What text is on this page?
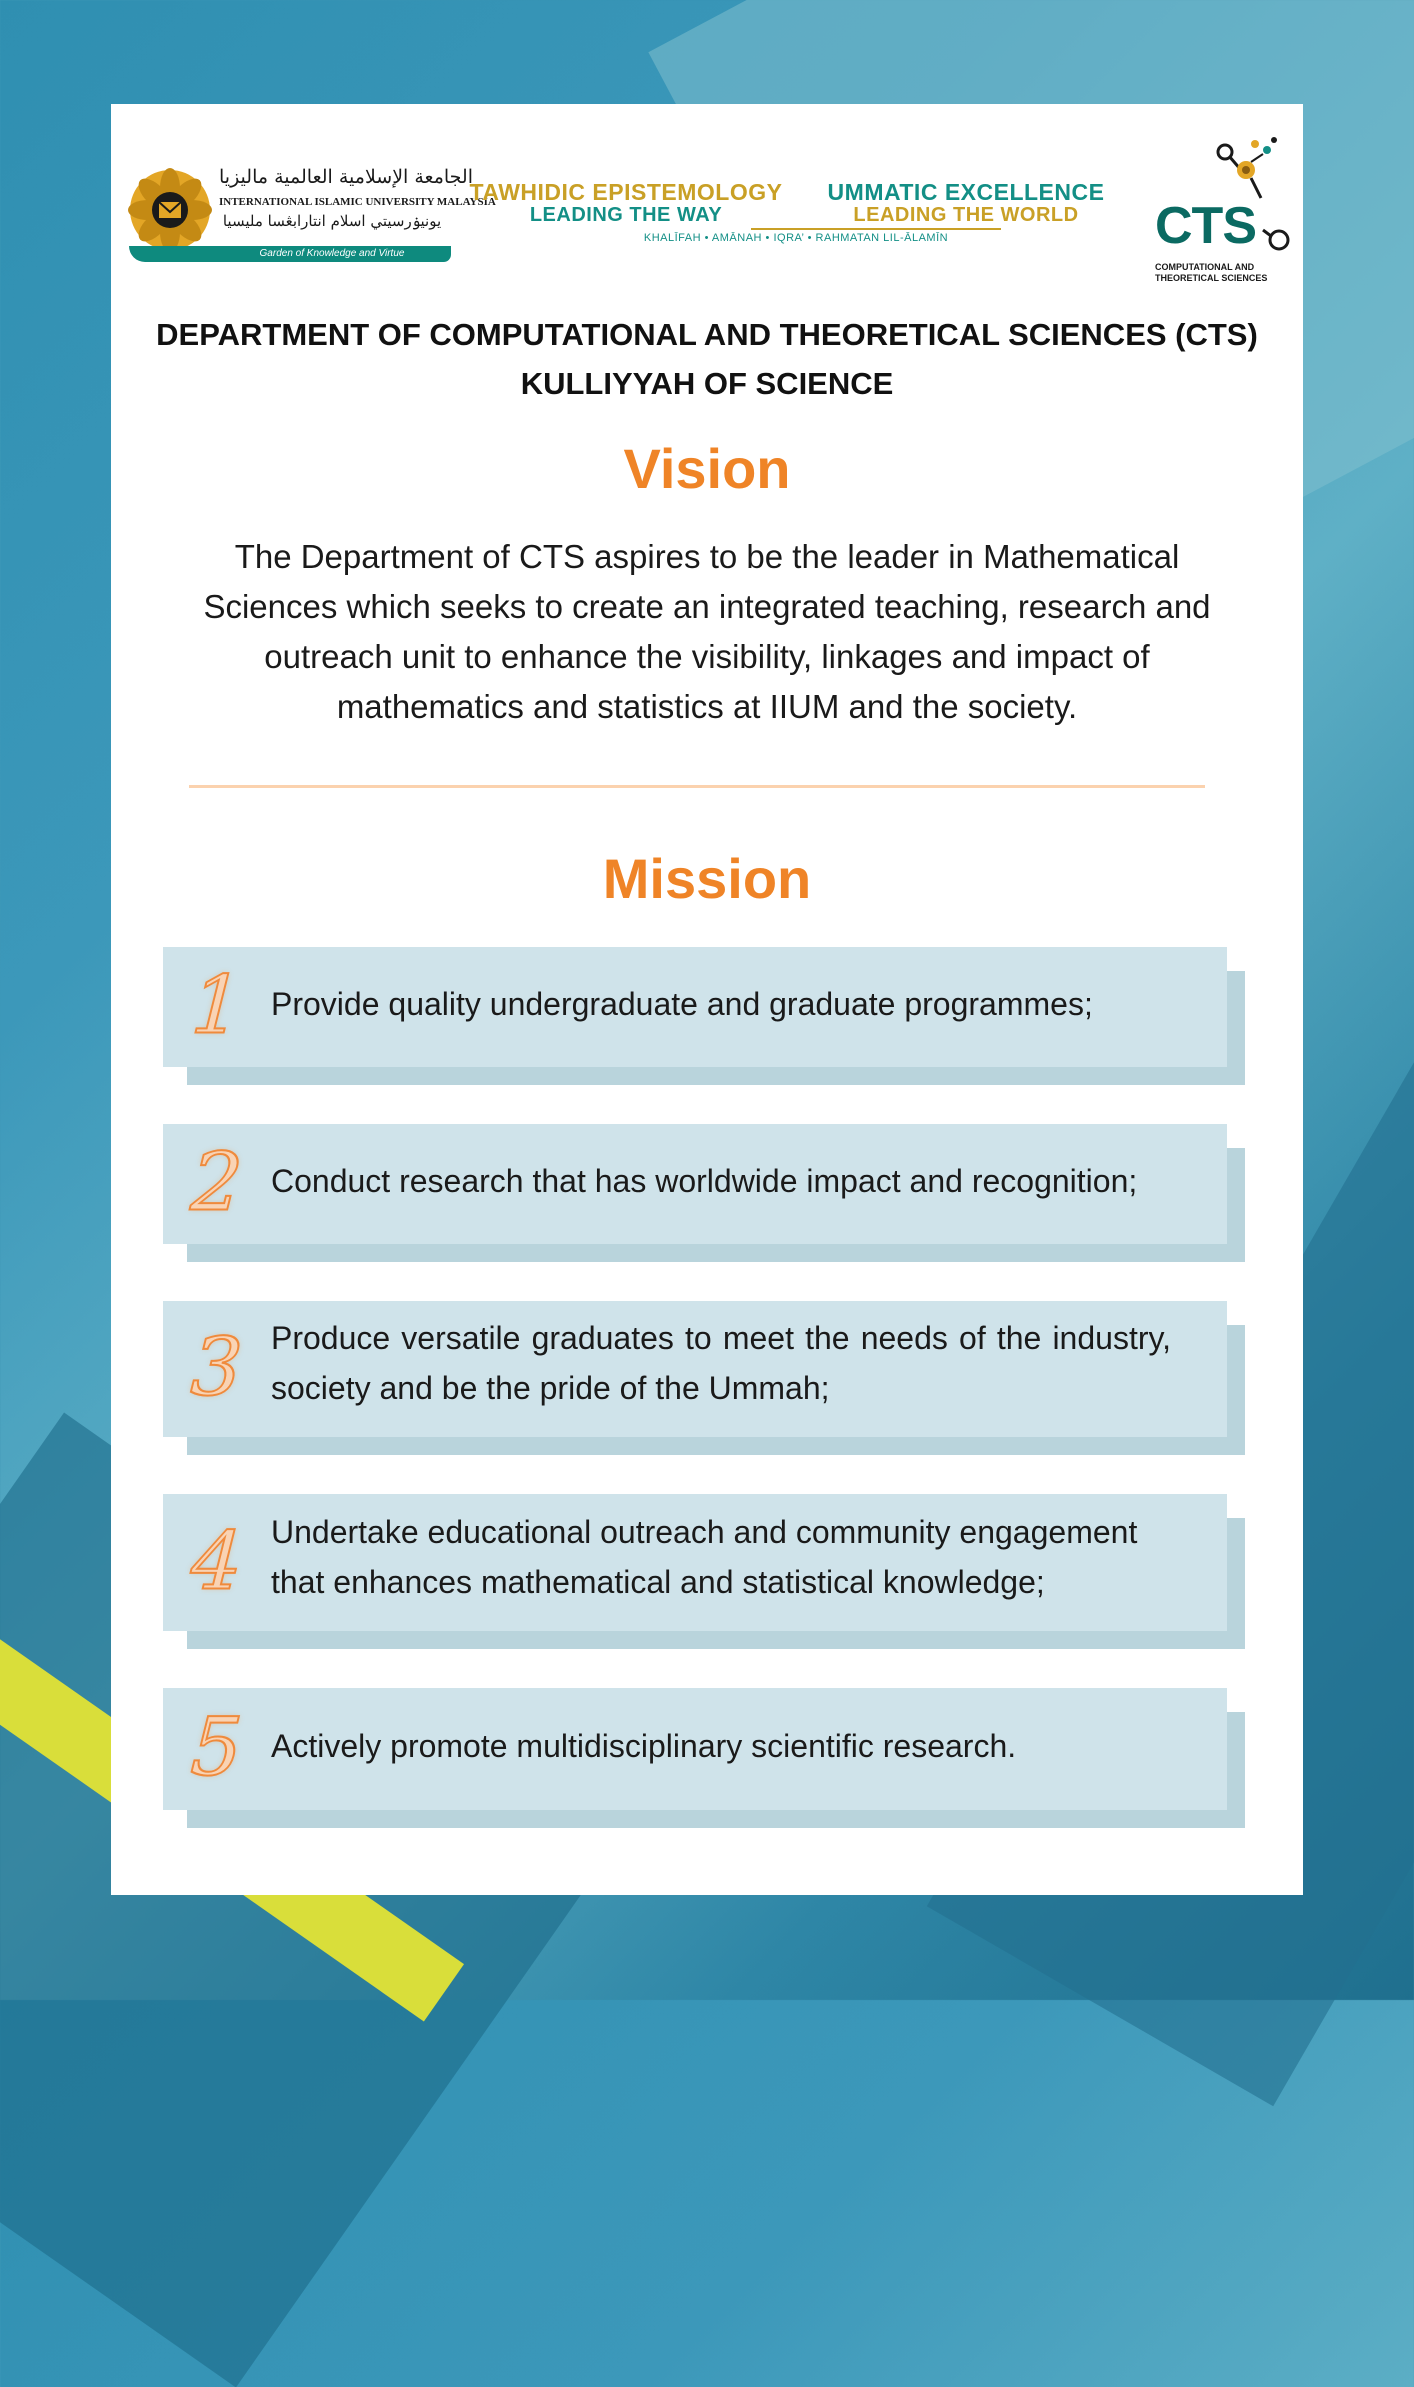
الجامعة الإسلامية العالمية ماليزيا
INTERNATIONAL ISLAMIC UNIVERSITY MALAYSIA
يونيۏرسيتي اسلام انتارابڠسا مليسيا
Garden of Knowledge and Virtue
TAWHIDIC EPISTEMOLOGY
LEADING THE WAY
UMMATIC EXCELLENCE
LEADING THE WORLD
KHALĪFAH • AMĀNAH • IQRA’ • RAHMATAN LIL-ĀLAMĪN	CTS
COMPUTATIONAL AND THEORETICAL SCIENCES
DEPARTMENT OF COMPUTATIONAL AND THEORETICAL SCIENCES (CTS)
KULLIYYAH OF SCIENCE
Vision
The Department of CTS aspires to be the leader in Mathematical Sciences which seeks to create an integrated teaching, research and outreach unit to enhance the visibility, linkages and impact of mathematics and statistics at IIUM and the society.
Mission
1 Provide quality undergraduate and graduate programmes;
2 Conduct research that has worldwide impact and recognition;
3 Produce versatile graduates to meet the needs of the industry, society and be the pride of the Ummah;
4 Undertake educational outreach and community engagement that enhances mathematical and statistical knowledge;
5 Actively promote multidisciplinary scientific research.
